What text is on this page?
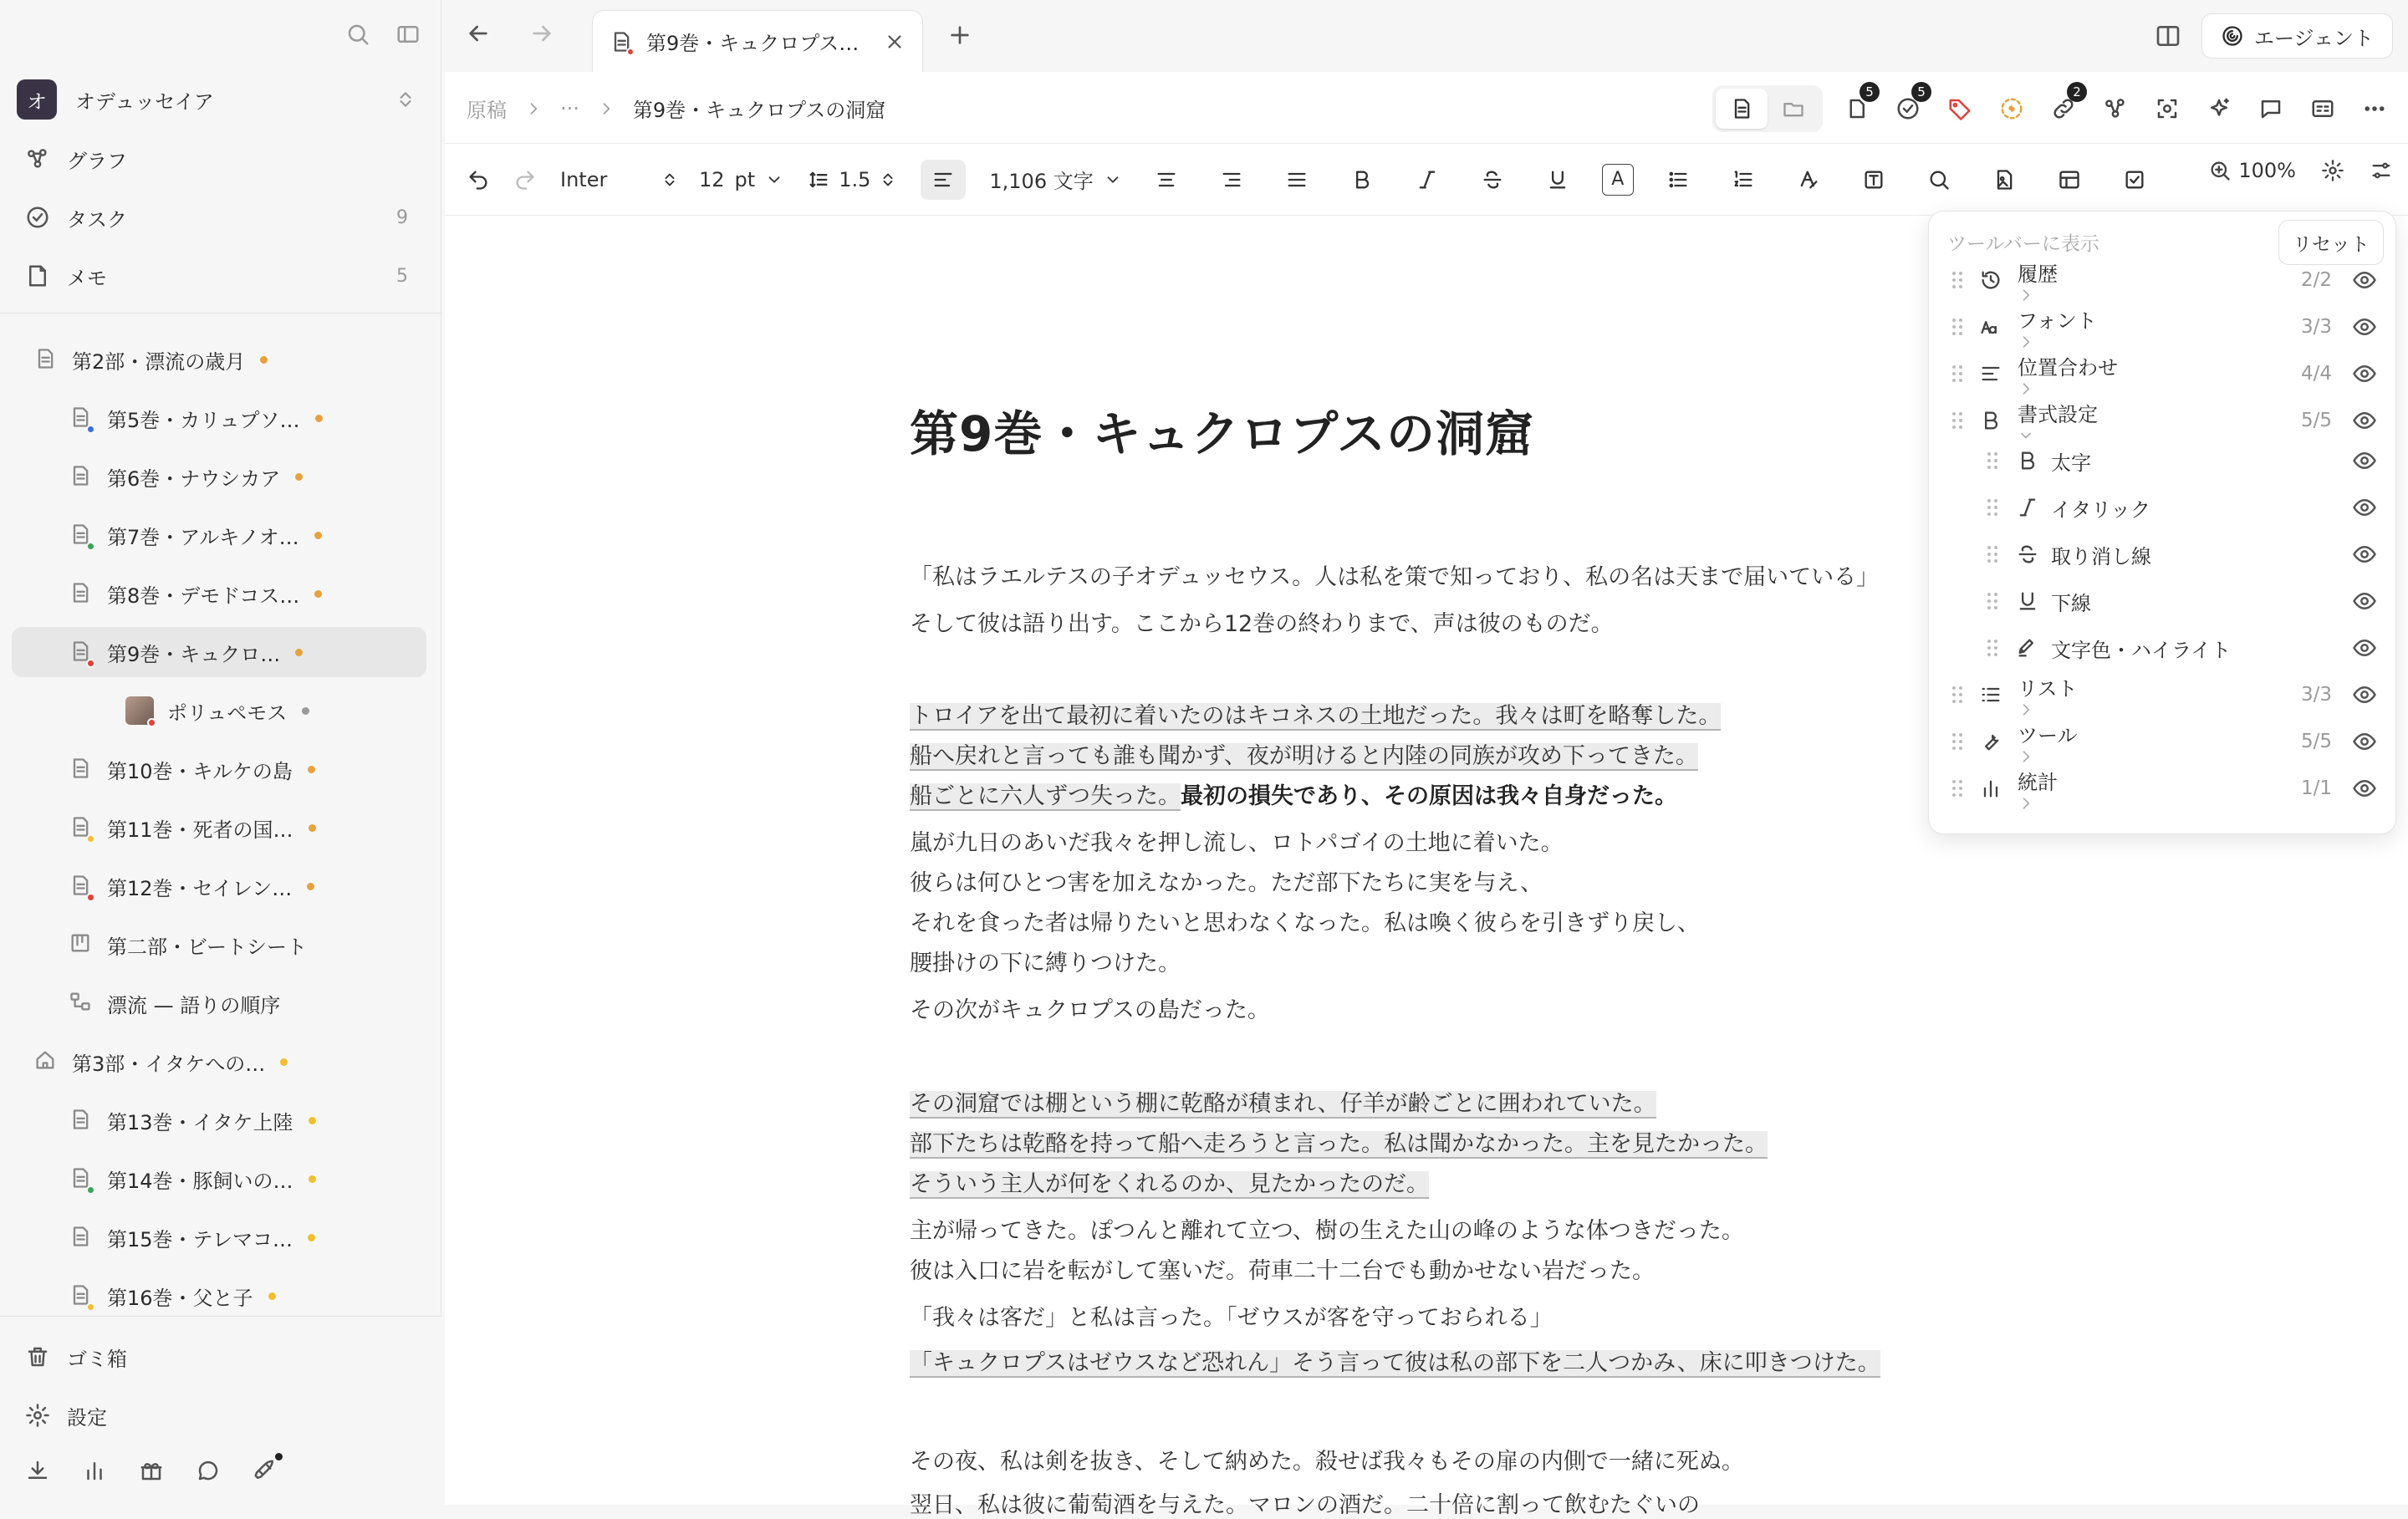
オ	オデュッセイア
グラフ
タスク	9
メモ	5
第2部・漂流の歳月
第5巻・カリュプソ…
第6巻・ナウシカア
第7巻・アルキノオ…
第8巻・デモドコス…
第9巻・キュクロ…
ポリュペモス
第10巻・キルケの島
第11巻・死者の国…
第12巻・セイレン…
第二部・ビートシート
漂流 — 語りの順序
第3部・イタケへの…
第13巻・イタケ上陸
第14巻・豚飼いの…
第15巻・テレマコ…
第16巻・父と子
ゴミ箱
設定
第9巻・キュクロプス…	エージェント
原稿	···	第9巻・キュクロプスの洞窟
5	5	2
Inter	12 pt	1.5	1,106 文字	A	100%
第9巻・キュクロプスの洞窟
「私はラエルテスの子オデュッセウス。人は私を策で知っており、私の名は天まで届いている」
そして彼は語り出す。ここから12巻の終わりまで、声は彼のものだ。
トロイアを出て最初に着いたのはキコネスの土地だった。我々は町を略奪した。
船へ戻れと言っても誰も聞かず、夜が明けると内陸の同族が攻め下ってきた。
船ごとに六人ずつ失った。最初の損失であり、その原因は我々自身だった。
嵐が九日のあいだ我々を押し流し、ロトパゴイの土地に着いた。
彼らは何ひとつ害を加えなかった。ただ部下たちに実を与え、
それを食った者は帰りたいと思わなくなった。私は喚く彼らを引きずり戻し、
腰掛けの下に縛りつけた。
その次がキュクロプスの島だった。
その洞窟では棚という棚に乾酪が積まれ、仔羊が齢ごとに囲われていた。
部下たちは乾酪を持って船へ走ろうと言った。私は聞かなかった。主を見たかった。
そういう主人が何をくれるのか、見たかったのだ。
主が帰ってきた。ぽつんと離れて立つ、樹の生えた山の峰のような体つきだった。
彼は入口に岩を転がして塞いだ。荷車二十二台でも動かせない岩だった。
「我々は客だ」と私は言った。「ゼウスが客を守っておられる」
「キュクロプスはゼウスなど恐れん」そう言って彼は私の部下を二人つかみ、床に叩きつけた。
その夜、私は剣を抜き、そして納めた。殺せば我々もその扉の内側で一緒に死ぬ。
翌日、私は彼に葡萄酒を与えた。マロンの酒だ。二十倍に割って飲むたぐいの
ツールバーに表示	リセット
履歴	2/2
フォント	3/3
位置合わせ	4/4
書式設定	5/5
太字
イタリック
取り消し線
下線
文字色・ハイライト
リスト	3/3
ツール	5/5
統計	1/1
